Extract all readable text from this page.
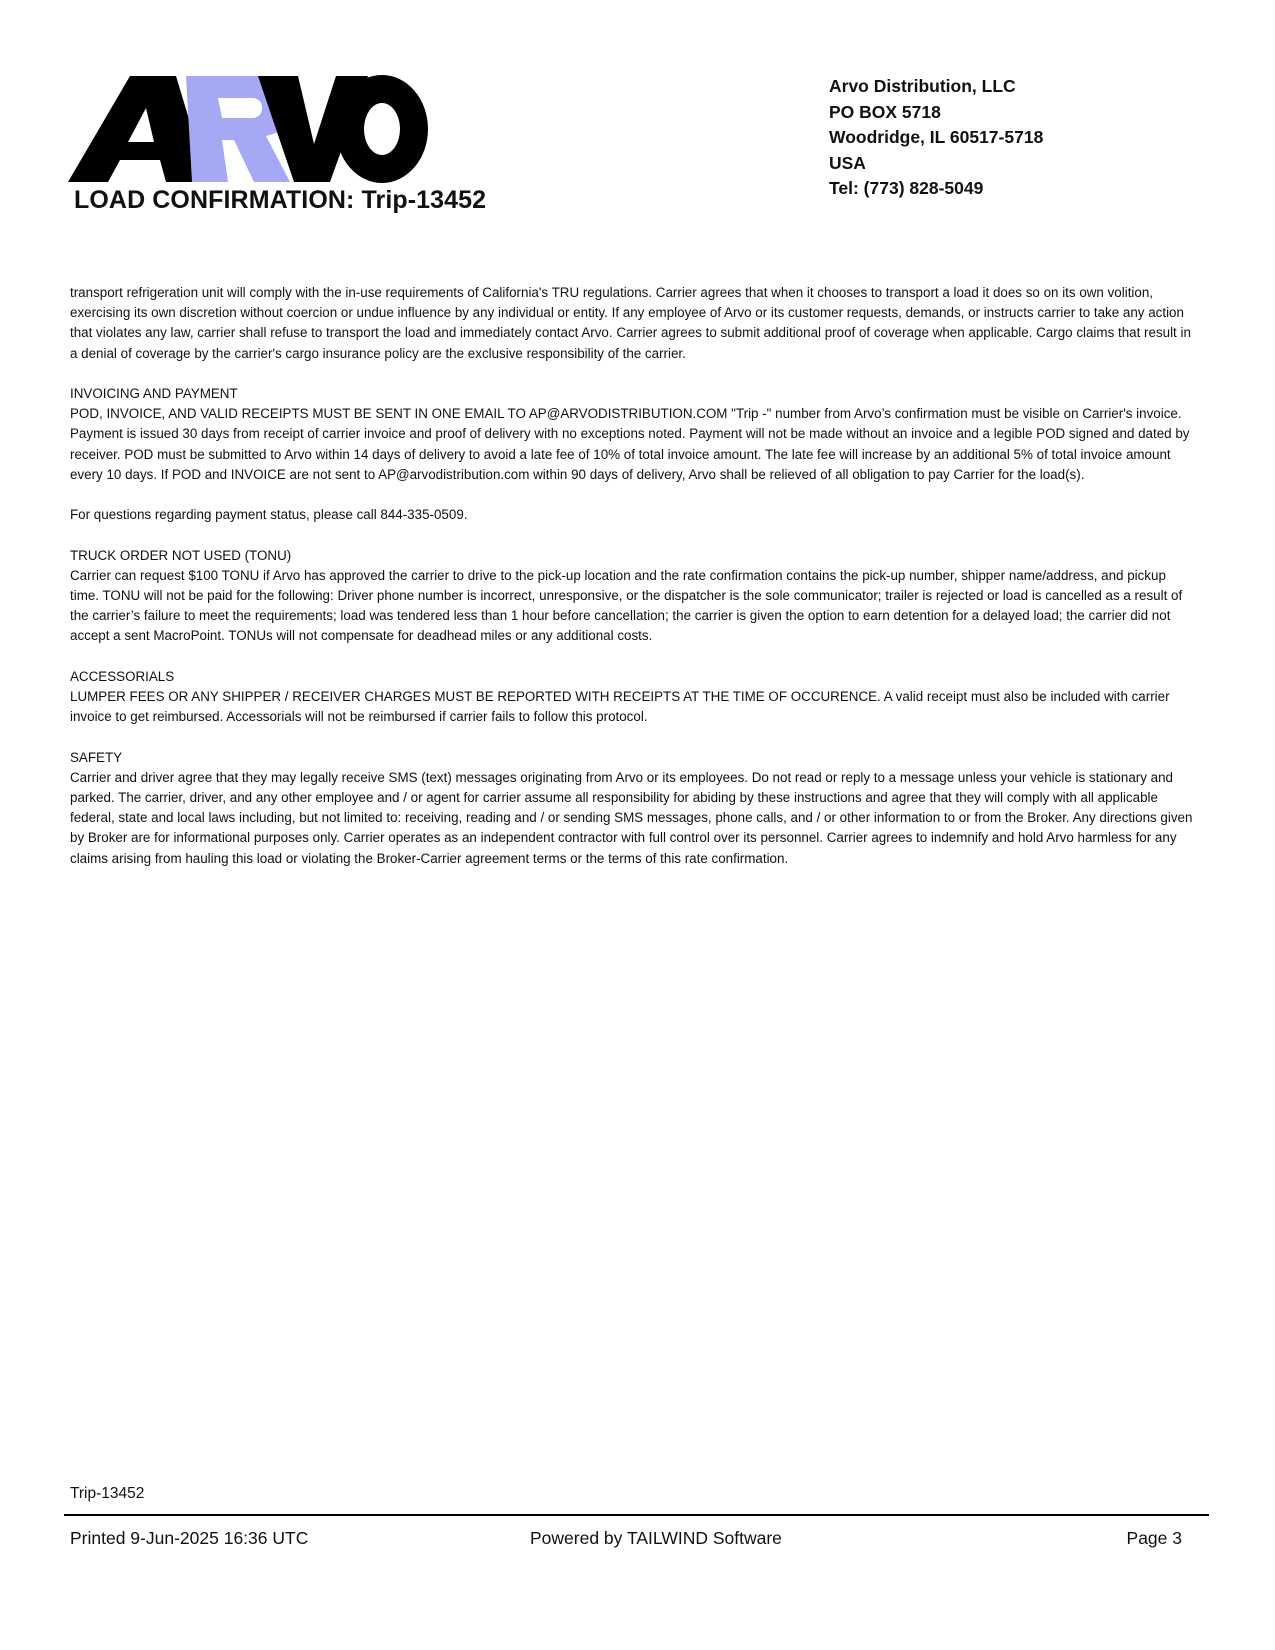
LOAD CONFIRMATION: Trip-13452
Arvo Distribution, LLC
PO BOX 5718
Woodridge, IL 60517-5718
USA
Tel: (773) 828-5049

transport refrigeration unit will comply with the in-use requirements of California's TRU regulations. Carrier agrees that when it chooses to transport a load it does so on its own volition, exercising its own discretion without coercion or undue influence by any individual or entity. If any employee of Arvo or its customer requests, demands, or instructs carrier to take any action that violates any law, carrier shall refuse to transport the load and immediately contact Arvo. Carrier agrees to submit additional proof of coverage when applicable. Cargo claims that result in a denial of coverage by the carrier's cargo insurance policy are the exclusive responsibility of the carrier.

INVOICING AND PAYMENT

POD, INVOICE, AND VALID RECEIPTS MUST BE SENT IN ONE EMAIL TO AP@ARVODISTRIBUTION.COM "Trip -" number from Arvo’s confirmation must be visible on Carrier's invoice. Payment is issued 30 days from receipt of carrier invoice and proof of delivery with no exceptions noted. Payment will not be made without an invoice and a legible POD signed and dated by receiver. POD must be submitted to Arvo within 14 days of delivery to avoid a late fee of 10% of total invoice amount. The late fee will increase by an additional 5% of total invoice amount every 10 days. If POD and INVOICE are not sent to AP@arvodistribution.com within 90 days of delivery, Arvo shall be relieved of all obligation to pay Carrier for the load(s).

For questions regarding payment status, please call 844-335-0509.

TRUCK ORDER NOT USED (TONU)

Carrier can request $100 TONU if Arvo has approved the carrier to drive to the pick-up location and the rate confirmation contains the pick-up number, shipper name/address, and pickup time. TONU will not be paid for the following: Driver phone number is incorrect, unresponsive, or the dispatcher is the sole communicator; trailer is rejected or load is cancelled as a result of the carrier’s failure to meet the requirements; load was tendered less than 1 hour before cancellation; the carrier is given the option to earn detention for a delayed load; the carrier did not accept a sent MacroPoint. TONUs will not compensate for deadhead miles or any additional costs.

ACCESSORIALS

LUMPER FEES OR ANY SHIPPER / RECEIVER CHARGES MUST BE REPORTED WITH RECEIPTS AT THE TIME OF OCCURENCE. A valid receipt must also be included with carrier invoice to get reimbursed. Accessorials will not be reimbursed if carrier fails to follow this protocol.

SAFETY

Carrier and driver agree that they may legally receive SMS (text) messages originating from Arvo or its employees. Do not read or reply to a message unless your vehicle is stationary and parked. The carrier, driver, and any other employee and / or agent for carrier assume all responsibility for abiding by these instructions and agree that they will comply with all applicable federal, state and local laws including, but not limited to: receiving, reading and / or sending SMS messages, phone calls, and / or other information to or from the Broker. Any directions given by Broker are for informational purposes only. Carrier operates as an independent contractor with full control over its personnel. Carrier agrees to indemnify and hold Arvo harmless for any claims arising from hauling this load or violating the Broker-Carrier agreement terms or the terms of this rate confirmation.

Trip-13452
Printed 9-Jun-2025 16:36 UTC	Powered by TAILWIND Software	Page 3
